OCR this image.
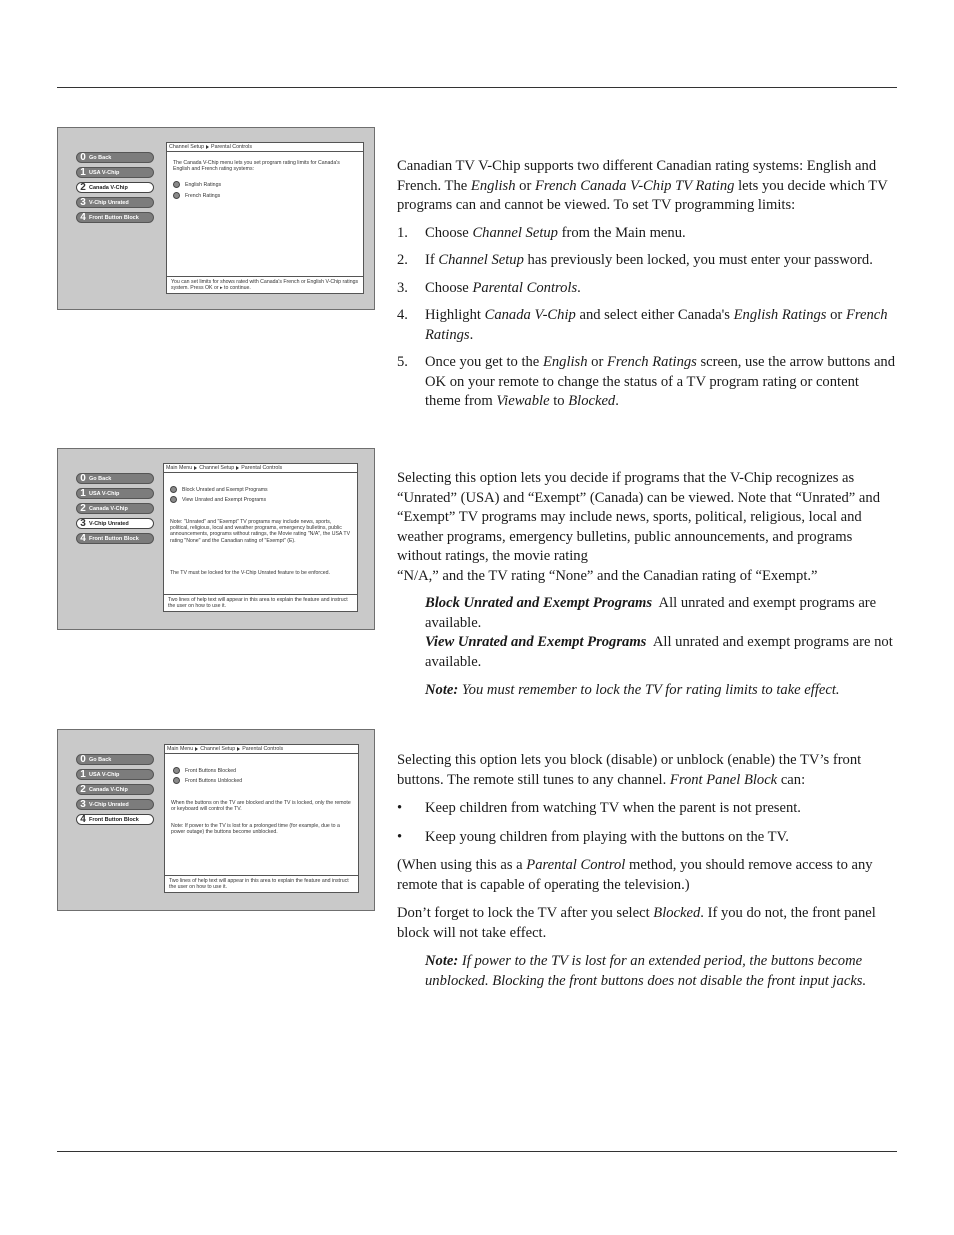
0 Go Back
1 USA V-Chip
2 Canada V-Chip
3 V-Chip Unrated
4 Front Button Block
Channel Setup Parental Controls
The Canada V-Chip menu lets you set program rating limits for Canada's English and French rating systems:
English Ratings
French Ratings
You can set limits for shows rated with Canada's French or English V-Chip ratings system. Press OK or ▸ to continue.
0 Go Back
1 USA V-Chip
2 Canada V-Chip
3 V-Chip Unrated
4 Front Button Block
Main Menu Channel Setup Parental Controls
Block Unrated and Exempt Programs
View Unrated and Exempt Programs
Note: "Unrated" and "Exempt" TV programs may include news, sports, political, religious, local and weather programs, emergency bulletins, public announcements, programs without ratings, the Movie rating "N/A", the USA TV rating "None" and the Canadian rating of "Exempt" (E).
The TV must be locked for the V-Chip Unrated feature to be enforced.
Two lines of help text will appear in this area to explain the feature and instruct the user on how to use it.
0 Go Back
1 USA V-Chip
2 Canada V-Chip
3 V-Chip Unrated
4 Front Button Block
Main Menu Channel Setup Parental Controls
Front Buttons Blocked
Front Buttons Unblocked
When the buttons on the TV are blocked and the TV is locked, only the remote or keyboard will control the TV.
Note: If power to the TV is lost for a prolonged time (for example, due to a power outage) the buttons become unblocked.
Two lines of help text will appear in this area to explain the feature and instruct the user on how to use it.

Canadian TV V-Chip supports two different Canadian rating systems: English and French. The English or French Canada V-Chip TV Rating lets you decide which TV programs can and cannot be viewed. To set TV programming limits:

1. Choose Channel Setup from the Main menu.

2. If Channel Setup has previously been locked, you must enter your password.

3. Choose Parental Controls.

4. Highlight Canada V-Chip and select either Canada's English Ratings or French Ratings.

5. Once you get to the English or French Ratings screen, use the arrow buttons and OK on your remote to change the status of a TV program rating or content theme from Viewable to Blocked.

Selecting this option lets you decide if programs that the V-Chip recognizes as “Unrated” (USA) and “Exempt” (Canada) can be viewed. Note that “Unrated” and “Exempt” TV programs may include news, sports, political, religious, local and weather programs, emergency bulletins, public announcements, and programs without ratings, the movie rating

“N/A,” and the TV rating “None” and the Canadian rating of “Exempt.”

Block Unrated and Exempt Programs All unrated and exempt programs are available.

View Unrated and Exempt Programs All unrated and exempt programs are not available.

Note: You must remember to lock the TV for rating limits to take effect.

Selecting this option lets you block (disable) or unblock (enable) the TV’s front buttons. The remote still tunes to any channel. Front Panel Block can:

• Keep children from watching TV when the parent is not present.

• Keep young children from playing with the buttons on the TV.

(When using this as a Parental Control method, you should remove access to any remote that is capable of operating the television.)

Don’t forget to lock the TV after you select Blocked. If you do not, the front panel block will not take effect.

Note: If power to the TV is lost for an extended period, the buttons become unblocked. Blocking the front buttons does not disable the front input jacks.
